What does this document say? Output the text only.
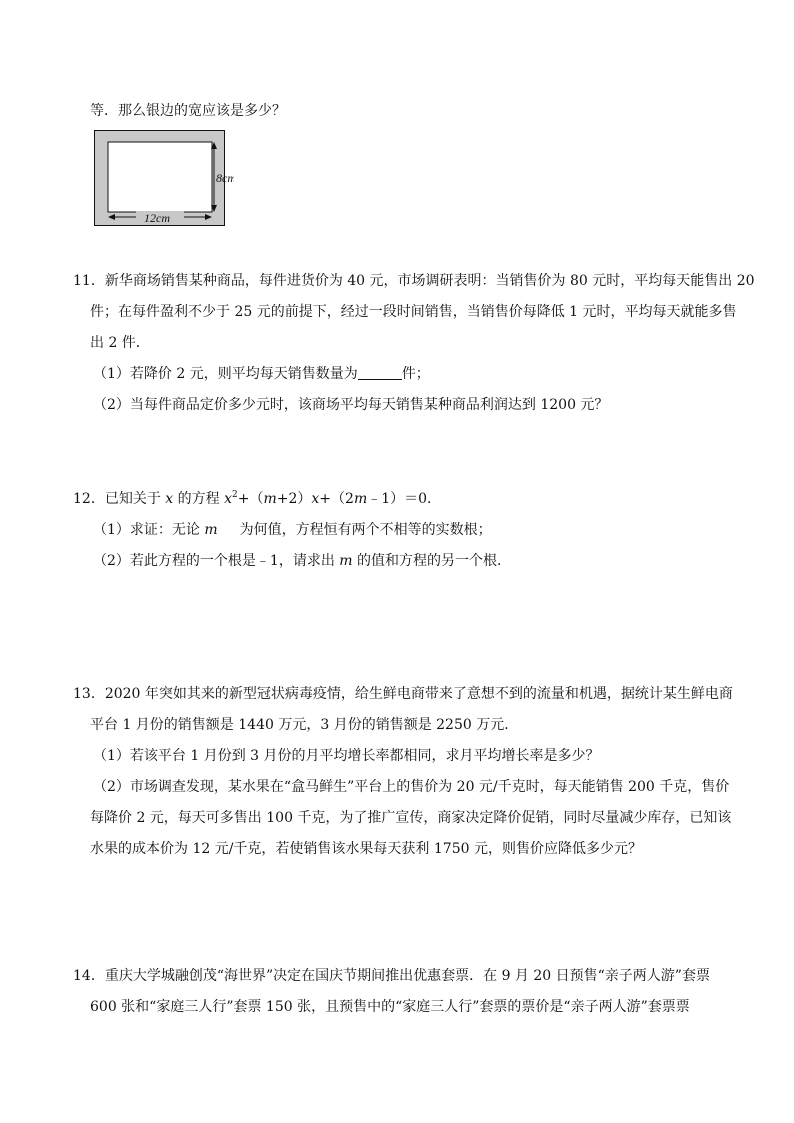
等．那么银边的宽应该是多少？
8cm
12cm
11．新华商场销售某种商品，每件进货价为 40 元，市场调研表明：当销售价为 80 元时，平均每天能售出 20
件；在每件盈利不少于 25 元的前提下，经过一段时间销售，当销售价每降低 1 元时，平均每天就能多售
出 2 件．
（1）若降价 2 元，则平均每天销售数量为	件；
（2）当每件商品定价多少元时，该商场平均每天销售某种商品利润达到 1200 元？
12．已知关于 x 的方程 $x^2+(m+2)x+(2m﹣1)=0$．
（1）求证：无论 m 为何值，方程恒有两个不相等的实数根；
（2）若此方程的一个根是﹣1，请求出 m 的值和方程的另一个根．
13．2020 年突如其来的新型冠状病毒疫情，给生鲜电商带来了意想不到的流量和机遇，据统计某生鲜电商
平台 1 月份的销售额是 1440 万元，3 月份的销售额是 2250 万元．
（1）若该平台 1 月份到 3 月份的月平均增长率都相同，求月平均增长率是多少？
（2）市场调查发现，某水果在“盒马鲜生”平台上的售价为 20 元/千克时，每天能销售 200 千克，售价
每降价 2 元，每天可多售出 100 千克，为了推广宣传，商家决定降价促销，同时尽量减少库存，已知该
水果的成本价为 12 元/千克，若使销售该水果每天获利 1750 元，则售价应降低多少元？
14．重庆大学城融创茂“海世界”决定在国庆节期间推出优惠套票．在 9 月 20 日预售“亲子两人游”套票
600 张和“家庭三人行”套票 150 张，且预售中的“家庭三人行”套票的票价是“亲子两人游”套票票
